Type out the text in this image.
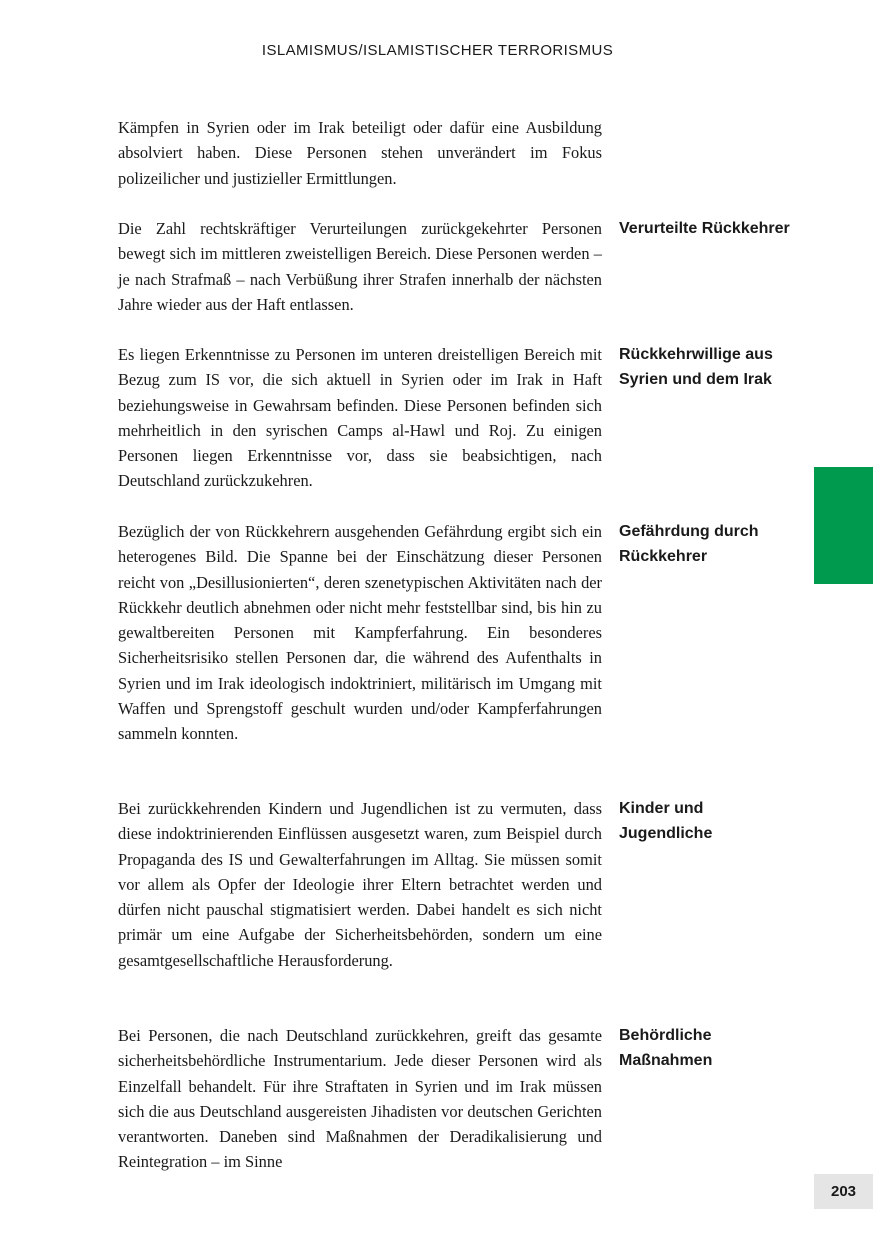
ISLAMISMUS/ISLAMISTISCHER TERRORISMUS

Kämpfen in Syrien oder im Irak beteiligt oder dafür eine Ausbildung absolviert haben. Diese Personen stehen unverändert im Fokus polizeilicher und justizieller Ermittlungen.

Die Zahl rechtskräftiger Verurteilungen zurückgekehrter Personen bewegt sich im mittleren zweistelligen Bereich. Diese Personen werden – je nach Strafmaß – nach Verbüßung ihrer Strafen innerhalb der nächsten Jahre wieder aus der Haft entlassen.

Verurteilte Rückkehrer

Es liegen Erkenntnisse zu Personen im unteren dreistelligen Bereich mit Bezug zum IS vor, die sich aktuell in Syrien oder im Irak in Haft beziehungsweise in Gewahrsam befinden. Diese Personen befinden sich mehrheitlich in den syrischen Camps al-Hawl und Roj. Zu einigen Personen liegen Erkenntnisse vor, dass sie beabsichtigen, nach Deutschland zurückzukehren.

Rückkehrwillige aus Syrien und dem Irak

Bezüglich der von Rückkehrern ausgehenden Gefährdung ergibt sich ein heterogenes Bild. Die Spanne bei der Einschätzung dieser Personen reicht von „Desillusionierten“, deren szenetypischen Aktivitäten nach der Rückkehr deutlich abnehmen oder nicht mehr feststellbar sind, bis hin zu gewaltbereiten Personen mit Kampferfahrung. Ein besonderes Sicherheitsrisiko stellen Personen dar, die während des Aufenthalts in Syrien und im Irak ideologisch indoktriniert, militärisch im Umgang mit Waffen und Sprengstoff geschult wurden und/oder Kampferfahrungen sammeln konnten.

Gefährdung durch Rückkehrer

Bei zurückkehrenden Kindern und Jugendlichen ist zu vermuten, dass diese indoktrinierenden Einflüssen ausgesetzt waren, zum Beispiel durch Propaganda des IS und Gewalterfahrungen im Alltag. Sie müssen somit vor allem als Opfer der Ideologie ihrer Eltern betrachtet werden und dürfen nicht pauschal stigmatisiert werden. Dabei handelt es sich nicht primär um eine Aufgabe der Sicherheitsbehörden, sondern um eine gesamtgesellschaftliche Herausforderung.

Kinder und Jugendliche

Bei Personen, die nach Deutschland zurückkehren, greift das gesamte sicherheitsbehördliche Instrumentarium. Jede dieser Personen wird als Einzelfall behandelt. Für ihre Straftaten in Syrien und im Irak müssen sich die aus Deutschland ausgereisten Jihadisten vor deutschen Gerichten verantworten. Daneben sind Maßnahmen der Deradikalisierung und Reintegration – im Sinne

Behördliche Maßnahmen

203
